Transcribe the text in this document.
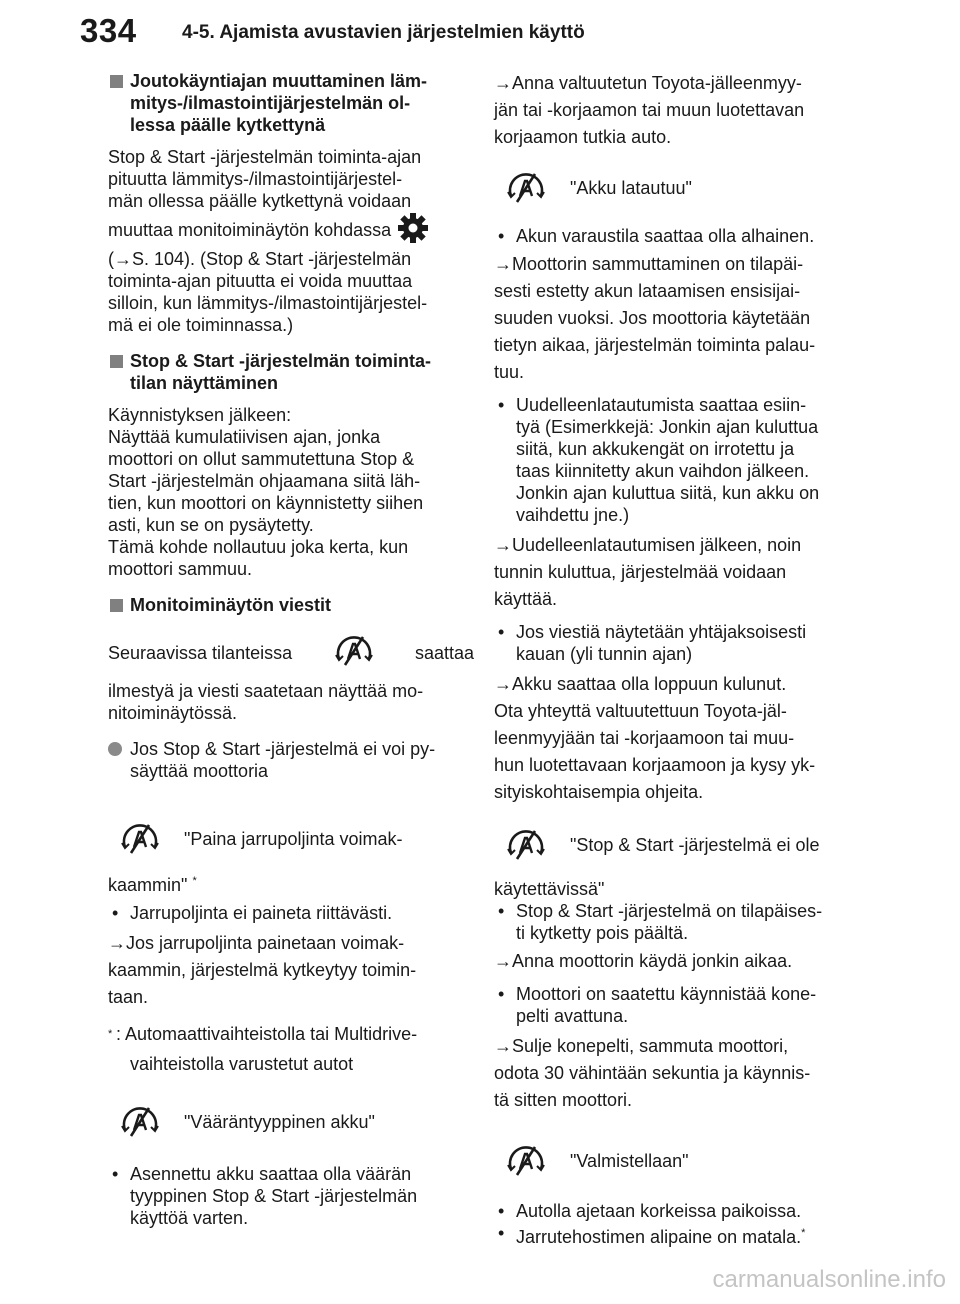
334 4-5. Ajamista avustavien järjestelmien käyttö

Joutokäyntiajan muuttaminen läm-

mitys-/ilmastointijärjestelmän ol-

lessa päälle kytkettynä

Stop & Start -järjestelmän toiminta-ajan

pituutta lämmitys-/ilmastointijärjestel-

män ollessa päälle kytkettynä voidaan

muuttaa monitoiminäytön kohdassa

(→S. 104). (Stop & Start -järjestelmän

toiminta-ajan pituutta ei voida muuttaa

silloin, kun lämmitys-/ilmastointijärjestel-

mä ei ole toiminnassa.)

Stop & Start -järjestelmän toiminta-

tilan näyttäminen

Käynnistyksen jälkeen:

Näyttää kumulatiivisen ajan, jonka

moottori on ollut sammutettuna Stop &

Start -järjestelmän ohjaamana siitä läh-

tien, kun moottori on käynnistetty siihen

asti, kun se on pysäytetty.

Tämä kohde nollautuu joka kerta, kun

moottori sammuu.

Monitoiminäytön viestit

Seuraavissa tilanteissa	saattaa

ilmestyä ja viesti saatetaan näyttää mo-

nitoiminäytössä.

Jos Stop & Start -järjestelmä ei voi py-

säyttää moottoria

"Paina jarrupoljinta voimak-

kaammin" *

• Jarrupoljinta ei paineta riittävästi.

→Jos jarrupoljinta painetaan voimak-

kaammin, järjestelmä kytkeytyy toimin-

taan.

* : Automaattivaihteistolla tai Multidrive-

vaihteistolla varustetut autot

"Vääräntyyppinen akku"
• Asennettu akku saattaa olla väärän

tyyppinen Stop & Start -järjestelmän

käyttöä varten.

→Anna valtuutetun Toyota-jälleenmyy-

jän tai -korjaamon tai muun luotettavan

korjaamon tutkia auto.

"Akku latautuu"
• Akun varaustila saattaa olla alhainen.

→Moottorin sammuttaminen on tilapäi-

sesti estetty akun lataamisen ensisijai-

suuden vuoksi. Jos moottoria käytetään

tietyn aikaa, järjestelmän toiminta palau-

tuu.

• Uudelleenlatautumista saattaa esiin-

tyä (Esimerkkejä: Jonkin ajan kuluttua

siitä, kun akkukengät on irrotettu ja

taas kiinnitetty akun vaihdon jälkeen.

Jonkin ajan kuluttua siitä, kun akku on

vaihdettu jne.)

→Uudelleenlatautumisen jälkeen, noin

tunnin kuluttua, järjestelmää voidaan

käyttää.

• Jos viestiä näytetään yhtäjaksoisesti

kauan (yli tunnin ajan)

→Akku saattaa olla loppuun kulunut.

Ota yhteyttä valtuutettuun Toyota-jäl-

leenmyyjään tai -korjaamoon tai muu-

hun luotettavaan korjaamoon ja kysy yk-

sityiskohtaisempia ohjeita.

"Stop & Start -järjestelmä ei ole

käytettävissä"

• Stop & Start -järjestelmä on tilapäises-

ti kytketty pois päältä.

→Anna moottorin käydä jonkin aikaa.

• Moottori on saatettu käynnistää kone-

pelti avattuna.

→Sulje konepelti, sammuta moottori,

odota 30 vähintään sekuntia ja käynnis-

tä sitten moottori.

"Valmistellaan"
• Autolla ajetaan korkeissa paikoissa.

• Jarrutehostimen alipaine on matala.*

carmanualsonline.info
